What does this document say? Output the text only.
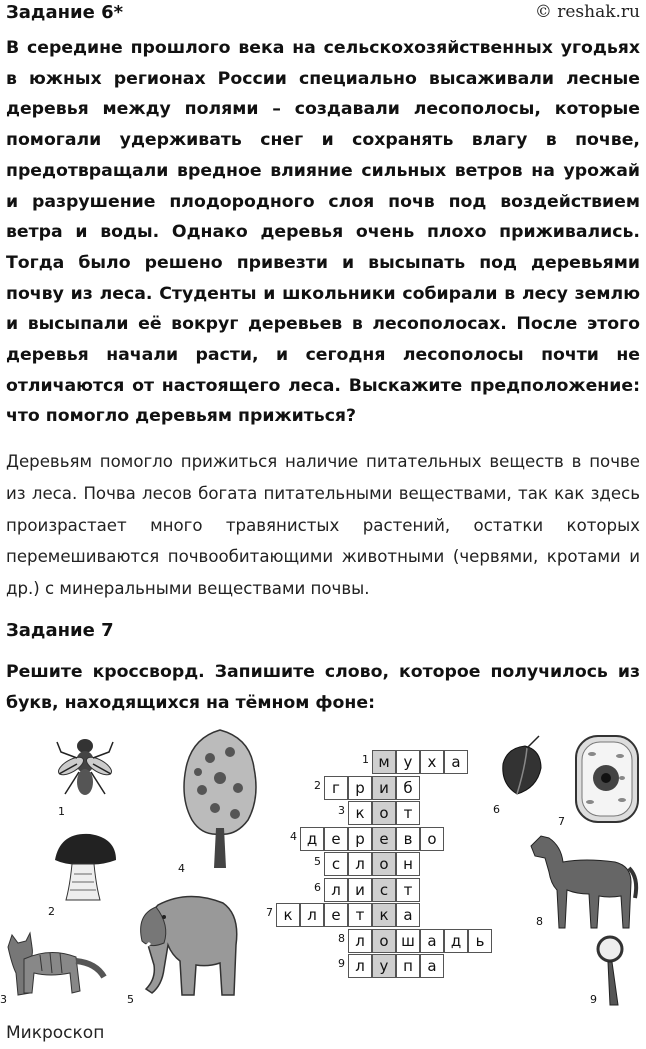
Задание 6*	© reshak.ru
В середине прошлого века на сельскохозяйственных угодьях в южных регионах России специально высаживали лесные деревья между полями – создавали лесополосы, которые помогали удерживать снег и сохранять влагу в почве, предотвращали вредное влияние сильных ветров на урожай и разрушение плодородного слоя почв под воздействием ветра и воды. Однако деревья очень плохо приживались. Тогда было решено привезти и высыпать под деревьями почву из леса. Студенты и школьники собирали в лесу землю и высыпали её вокруг деревьев в лесополосах. После этого деревья начали расти, и сегодня лесополосы почти не отличаются от настоящего леса. Выскажите предположение: что помогло деревьям прижиться?
Деревьям помогло прижиться наличие питательных веществ в почве из леса. Почва лесов богата питательными веществами, так как здесь произрастает много травянистых растений, остатки которых перемешиваются почвообитающими животными (червями, кротами и др.) с минеральными веществами почвы.
Задание 7
Решите кроссворд. Запишите слово, которое получилось из букв, находящихся на тёмном фоне:
1
2
3
4
5
6
7
8
9
1 м у	х а
2 г	р и б
3 к о	т
4 д е р е в о
5 с	л о н
6 л и	с	т
7 к л е	т	к а
8 л о ш а д ь
9 л у п а
Микроскоп
